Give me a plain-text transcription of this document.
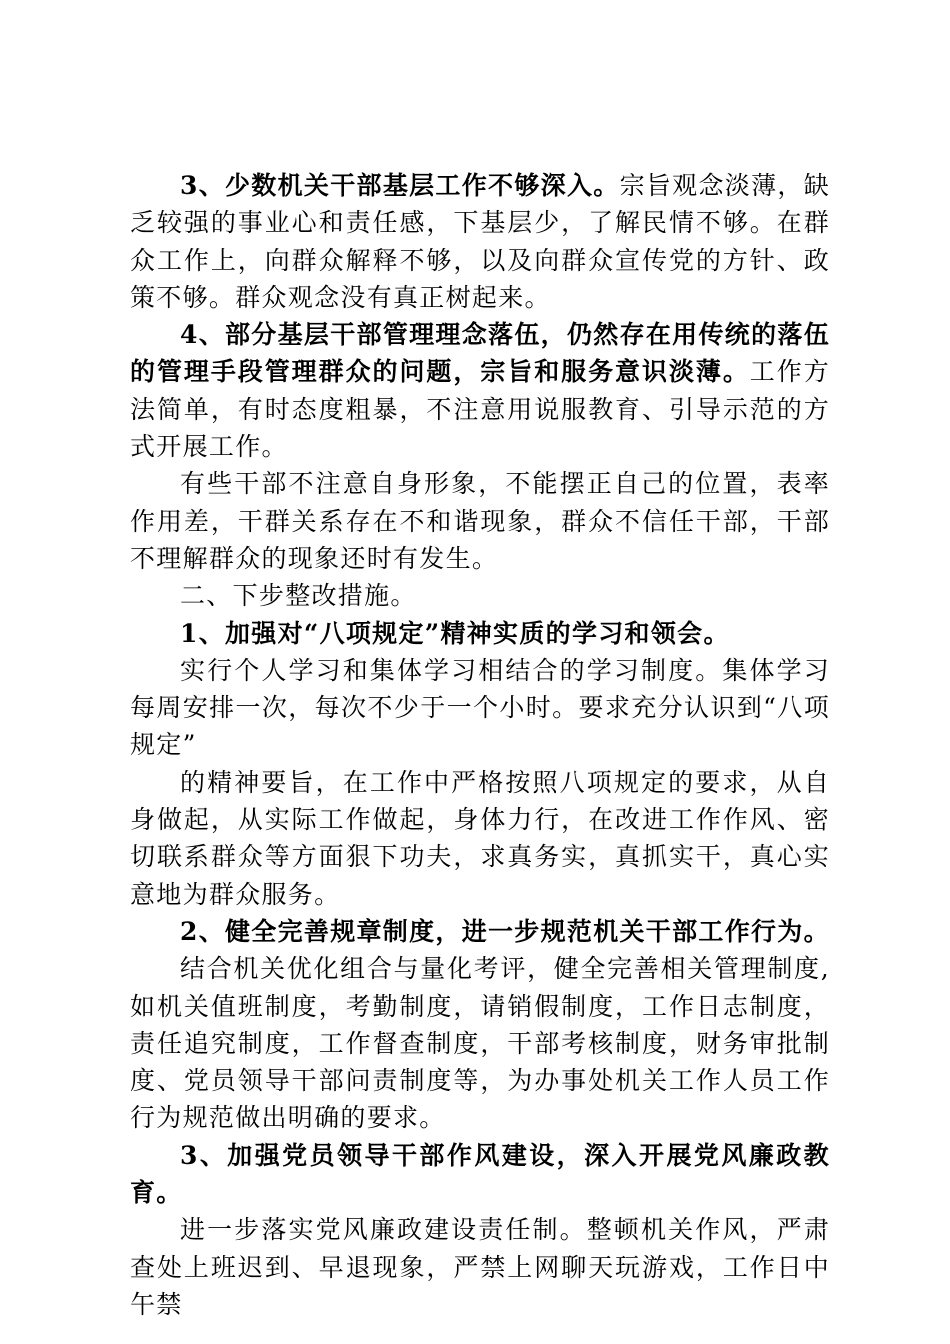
3、少数机关干部基层工作不够深入。宗旨观念淡薄，缺乏较强的事业心和责任感，下基层少，了解民情不够。在群众工作上，向群众解释不够，以及向群众宣传党的方针、政策不够。群众观念没有真正树起来。

4、部分基层干部管理理念落伍，仍然存在用传统的落伍的管理手段管理群众的问题，宗旨和服务意识淡薄。工作方法简单，有时态度粗暴，不注意用说服教育、引导示范的方式开展工作。

有些干部不注意自身形象，不能摆正自己的位置，表率作用差，干群关系存在不和谐现象，群众不信任干部，干部不理解群众的现象还时有发生。

二、下步整改措施。

1、加强对“八项规定”精神实质的学习和领会。

实行个人学习和集体学习相结合的学习制度。集体学习每周安排一次，每次不少于一个小时。要求充分认识到“八项规定”

的精神要旨，在工作中严格按照八项规定的要求，从自身做起，从实际工作做起，身体力行，在改进工作作风、密切联系群众等方面狠下功夫，求真务实，真抓实干，真心实意地为群众服务。

2、健全完善规章制度，进一步规范机关干部工作行为。

结合机关优化组合与量化考评，健全完善相关管理制度,如机关值班制度，考勤制度，请销假制度，工作日志制度，责任追究制度，工作督查制度，干部考核制度，财务审批制度、党员领导干部问责制度等，为办事处机关工作人员工作行为规范做出明确的要求。

3、加强党员领导干部作风建设，深入开展党风廉政教育。

进一步落实党风廉政建设责任制。整顿机关作风，严肃查处上班迟到、早退现象，严禁上网聊天玩游戏，工作日中午禁
